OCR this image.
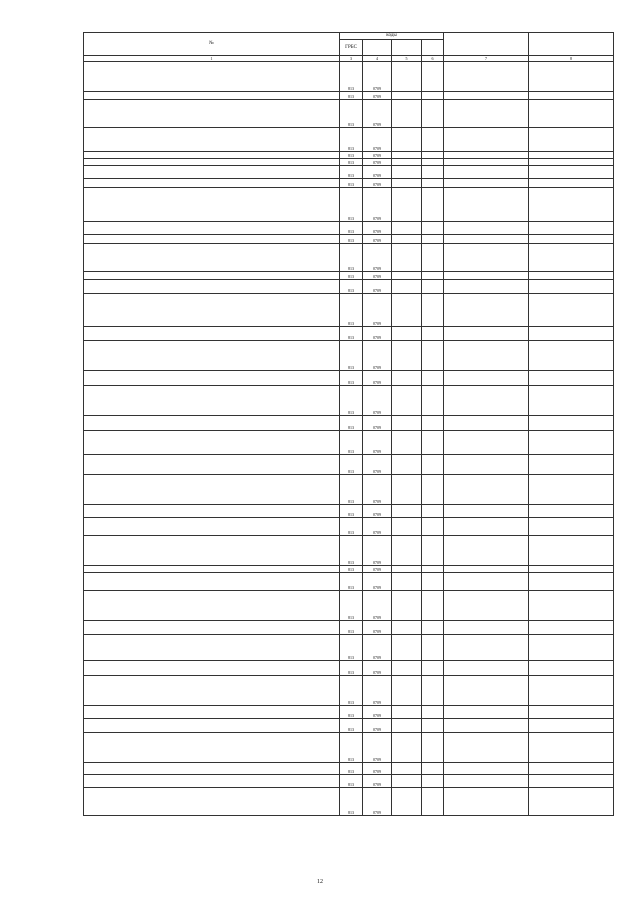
№	коды					
	ГРБС					
1	3	4	5	6	7	8
	813	0709				
	813	0709				
	813	0709				
	813	0709				
	813	0709				
	813	0709				
	813	0709				
	813	0709				
	813	0709				
	813	0709				
	813	0709				
	813	0709				
	813	0709				
	813	0709				
	813	0709				
	813	0709				
	813	0709				
	813	0709				
	813	0709				
	813	0709				
	813	0709				
	813	0709				
	813	0709				
	813	0709				
	813	0709				
	813	0709				
	813	0709				
	813	0709				
	813	0709				
	813	0709				
	813	0709				
	813	0709				
	813	0709				
	813	0709				
	813	0709				
	813	0709				
	813	0709				
	813	0709				
	813	0709				
12
